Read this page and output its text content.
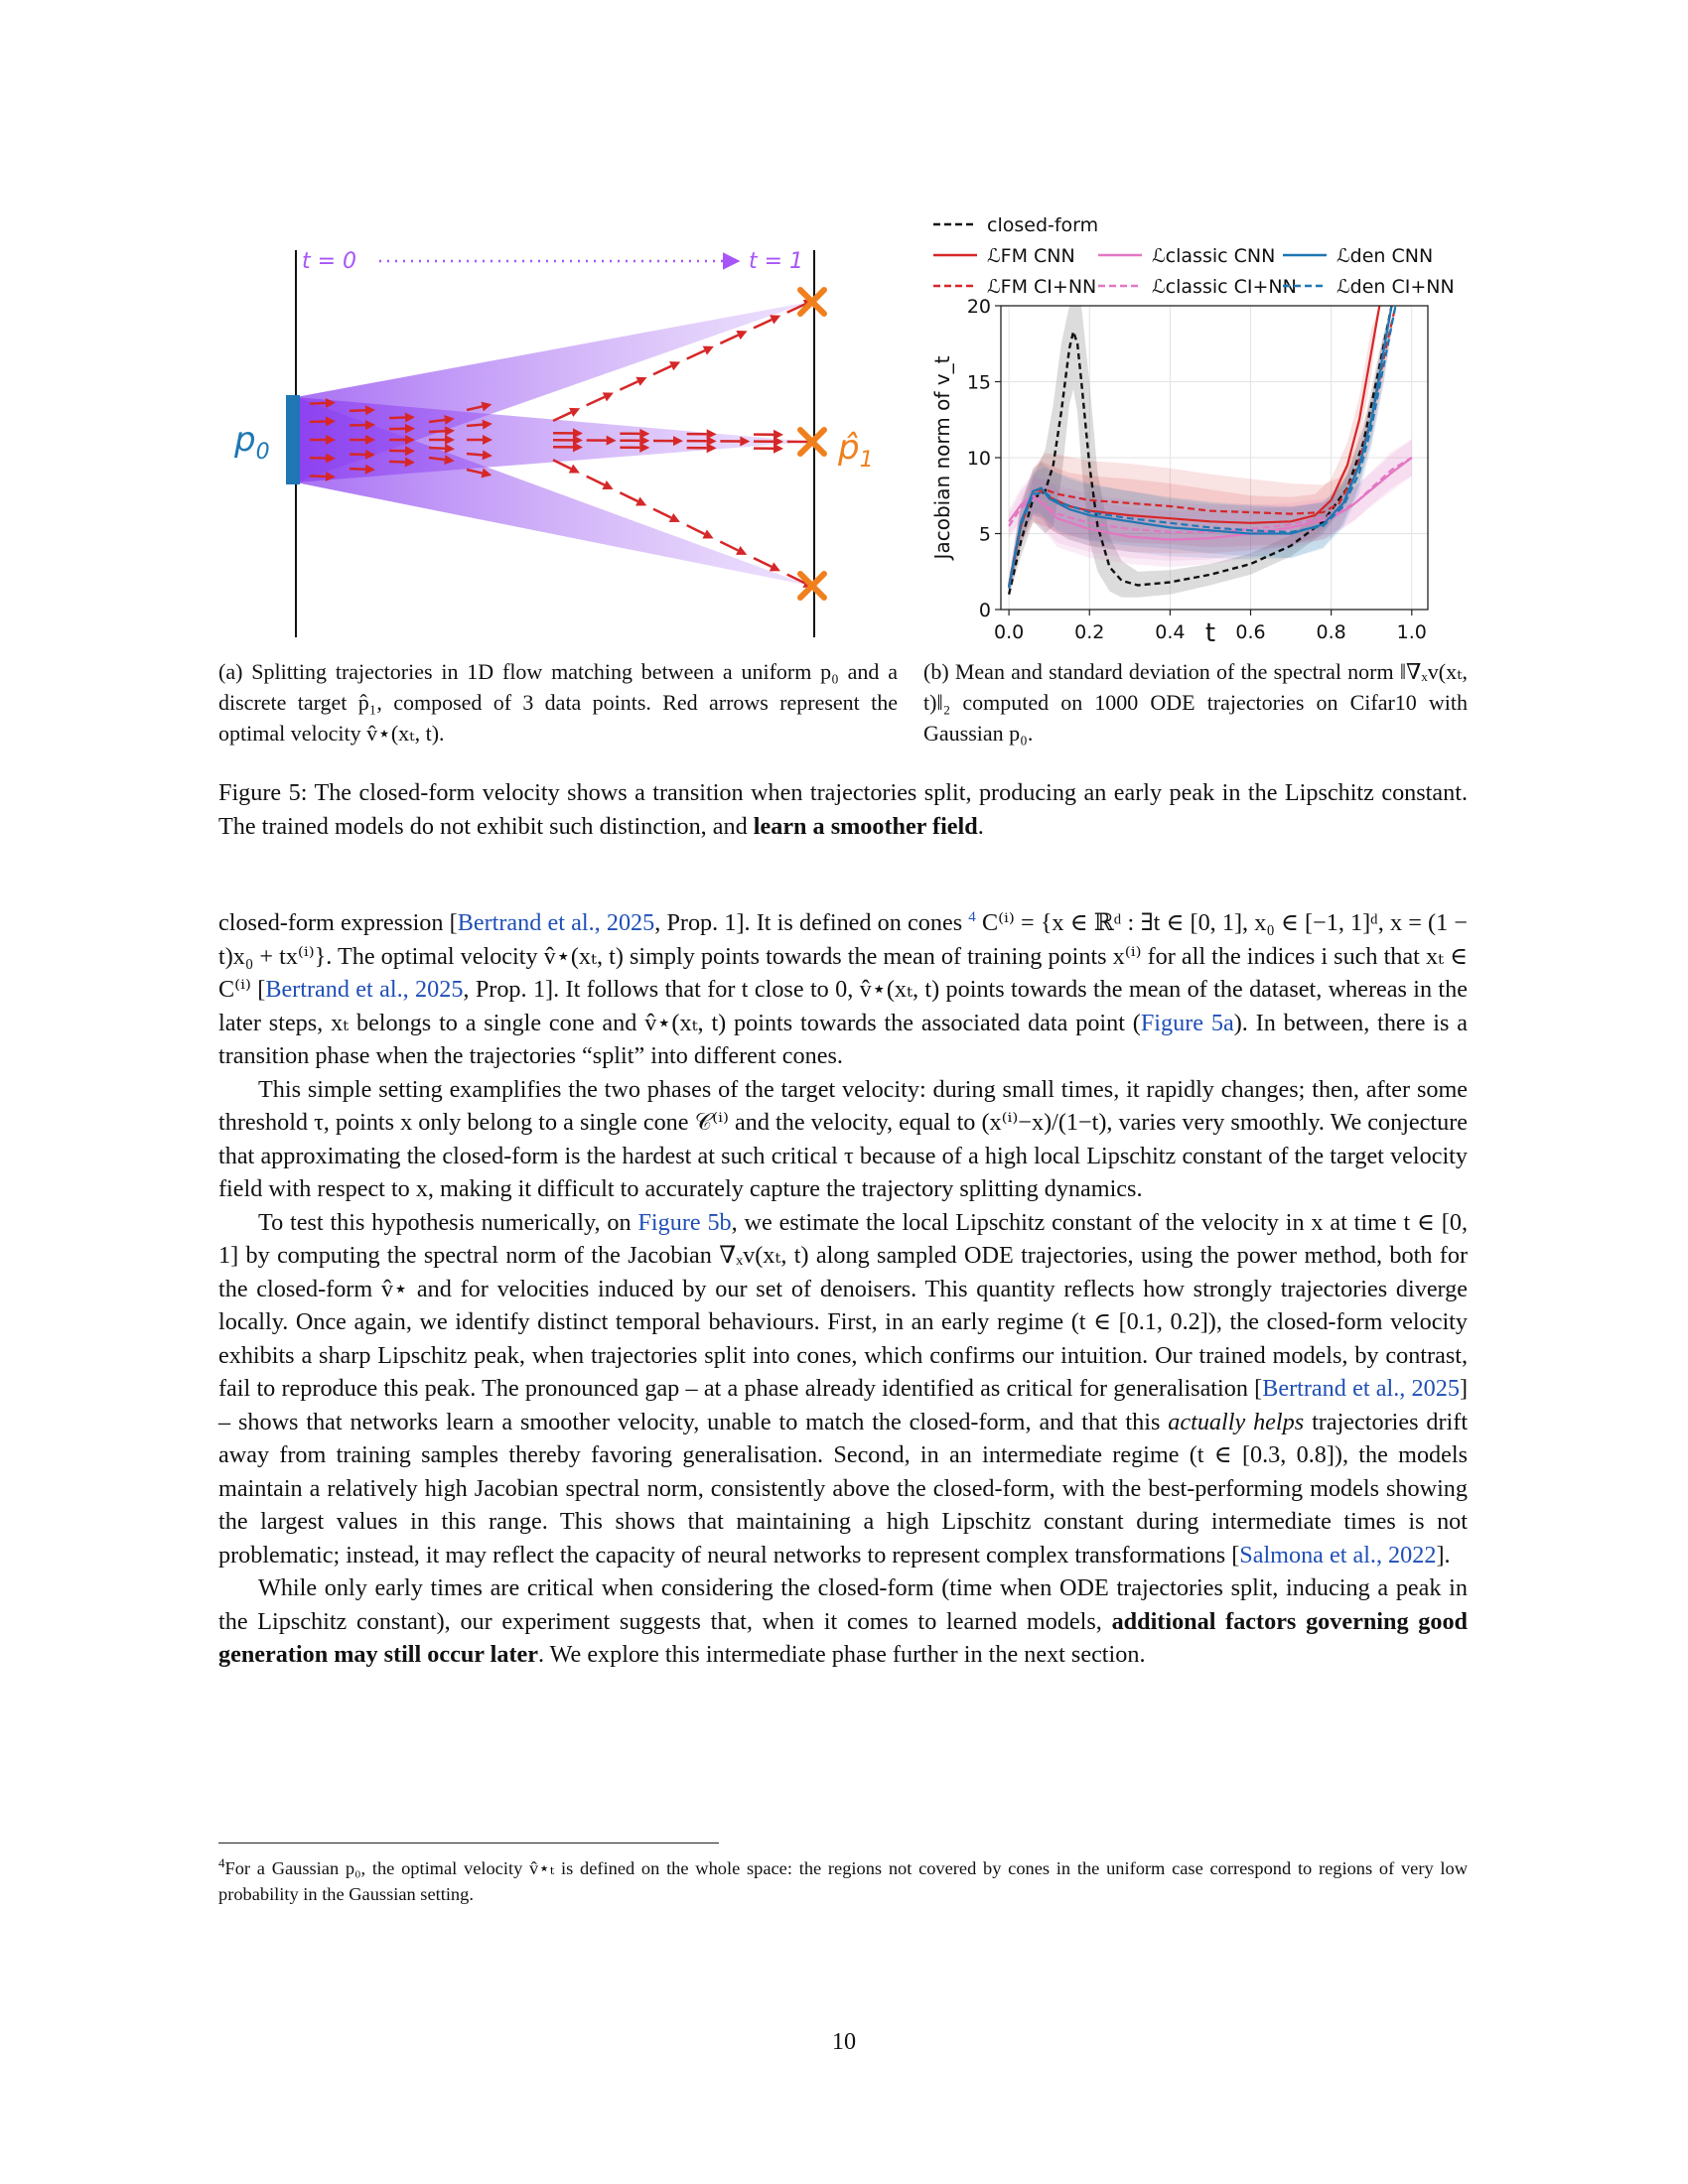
t = 0	t = 1
$p_0$	$p̂_1$
closed-form
ℒFM CNN	ℒclassic CNN	ℒden CNN
ℒFM CI+NN	ℒclassic CI+NN ℒden CI+NN
0
5
10
15
20
0.0	0.2	0.4	0.6	0.8	1.0
t
Jacobian norm of v_t
(a) Splitting trajectories in 1D flow matching between a uniform p₀ and a discrete target p̂₁, composed of 3 data points. Red arrows represent the optimal velocity v̂⋆(xₜ, t).
(b) Mean and standard deviation of the spectral norm ‖∇ₓv(xₜ, t)‖₂ computed on 1000 ODE trajectories on Cifar10 with Gaussian p₀.
Figure 5: The closed-form velocity shows a transition when trajectories split, producing an early peak in the Lipschitz constant. The trained models do not exhibit such distinction, and learn a smoother field.

closed-form expression [Bertrand et al., 2025, Prop. 1]. It is defined on cones $^4$ C⁽ⁱ⁾ = {x ∈ ℝᵈ : ∃t ∈ [0, 1], x₀ ∈ [−1, 1]ᵈ, x = (1 − t)x₀ + tx⁽ⁱ⁾}. The optimal velocity v̂⋆(xₜ, t) simply points towards the mean of training points x⁽ⁱ⁾ for all the indices i such that xₜ ∈ C⁽ⁱ⁾ [Bertrand et al., 2025, Prop. 1]. It follows that for t close to 0, v̂⋆(xₜ, t) points towards the mean of the dataset, whereas in the later steps, xₜ belongs to a single cone and v̂⋆(xₜ, t) points towards the associated data point (Figure 5a). In between, there is a transition phase when the trajectories “split” into different cones.

This simple setting examplifies the two phases of the target velocity: during small times, it rapidly changes; then, after some threshold τ, points x only belong to a single cone 𝒞⁽ⁱ⁾ and the velocity, equal to (x⁽ⁱ⁾−x)/(1−t), varies very smoothly. We conjecture that approximating the closed-form is the hardest at such critical τ because of a high local Lipschitz constant of the target velocity field with respect to x, making it difficult to accurately capture the trajectory splitting dynamics.

To test this hypothesis numerically, on Figure 5b, we estimate the local Lipschitz constant of the velocity in x at time t ∈ [0, 1] by computing the spectral norm of the Jacobian ∇ₓv(xₜ, t) along sampled ODE trajectories, using the power method, both for the closed-form v̂⋆ and for velocities induced by our set of denoisers. This quantity reflects how strongly trajectories diverge locally. Once again, we identify distinct temporal behaviours. First, in an early regime (t ∈ [0.1, 0.2]), the closed-form velocity exhibits a sharp Lipschitz peak, when trajectories split into cones, which confirms our intuition. Our trained models, by contrast, fail to reproduce this peak. The pronounced gap – at a phase already identified as critical for generalisation [Bertrand et al., 2025] – shows that networks learn a smoother velocity, unable to match the closed-form, and that this actually helps trajectories drift away from training samples thereby favoring generalisation. Second, in an intermediate regime (t ∈ [0.3, 0.8]), the models maintain a relatively high Jacobian spectral norm, consistently above the closed-form, with the best-performing models showing the largest values in this range. This shows that maintaining a high Lipschitz constant during intermediate times is not problematic; instead, it may reflect the capacity of neural networks to represent complex transformations [Salmona et al., 2022].

While only early times are critical when considering the closed-form (time when ODE trajectories split, inducing a peak in the Lipschitz constant), our experiment suggests that, when it comes to learned models, additional factors governing good generation may still occur later. We explore this intermediate phase further in the next section.

$^4$For a Gaussian p₀, the optimal velocity v̂⋆ₜ is defined on the whole space: the regions not covered by cones in the uniform case correspond to regions of very low probability in the Gaussian setting.
10
